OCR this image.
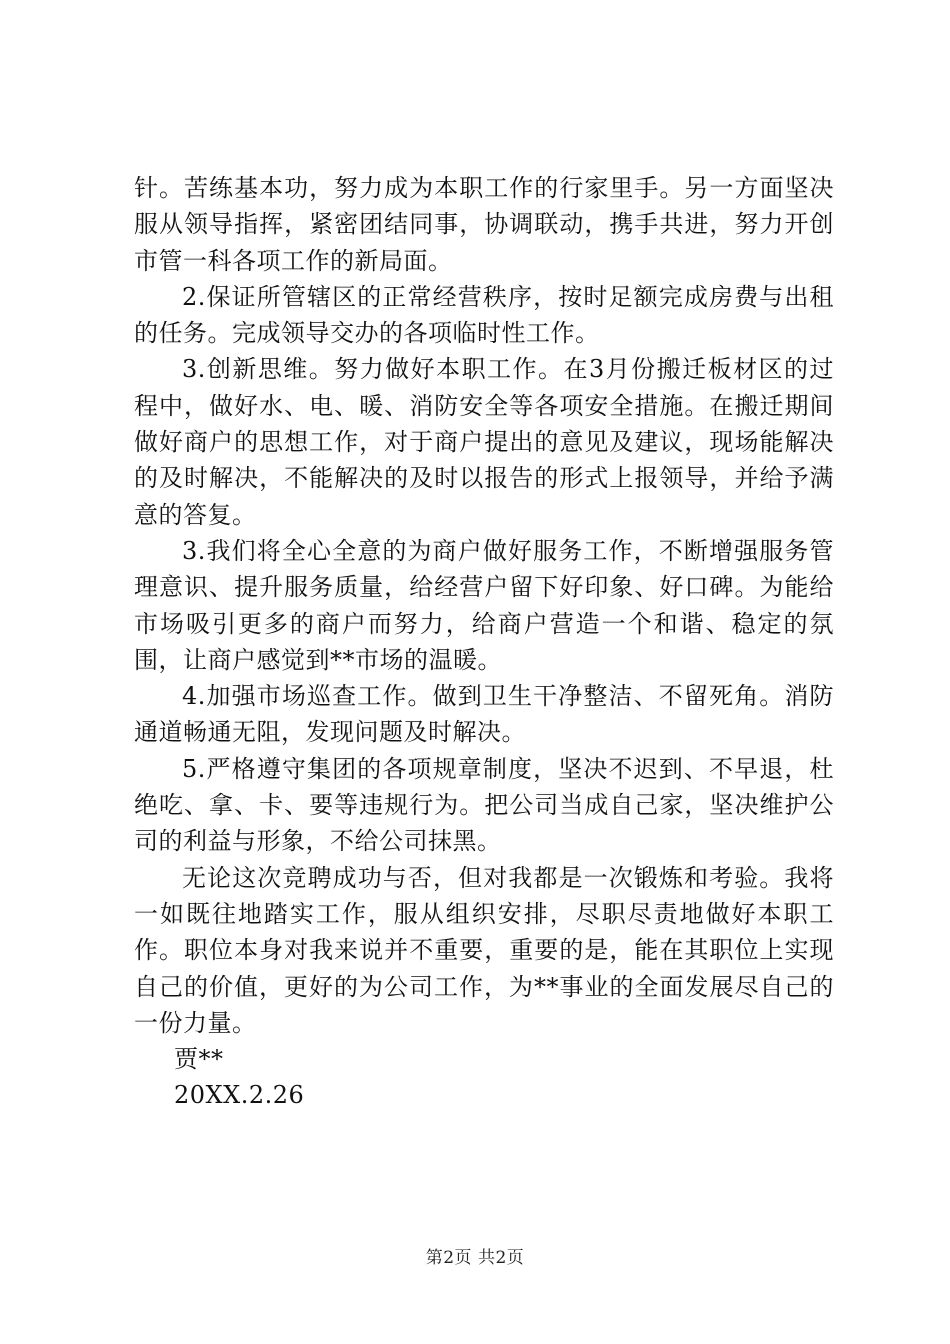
针。苦练基本功，努力成为本职工作的行家里手。另一方面坚决服从领导指挥，紧密团结同事，协调联动，携手共进，努力开创市管一科各项工作的新局面。

2.保证所管辖区的正常经营秩序，按时足额完成房费与出租的任务。完成领导交办的各项临时性工作。

3.创新思维。努力做好本职工作。在3月份搬迁板材区的过程中，做好水、电、暖、消防安全等各项安全措施。在搬迁期间做好商户的思想工作，对于商户提出的意见及建议，现场能解决的及时解决，不能解决的及时以报告的形式上报领导，并给予满意的答复。

3.我们将全心全意的为商户做好服务工作，不断增强服务管理意识、提升服务质量，给经营户留下好印象、好口碑。为能给市场吸引更多的商户而努力，给商户营造一个和谐、稳定的氛围，让商户感觉到**市场的温暖。

4.加强市场巡查工作。做到卫生干净整洁、不留死角。消防通道畅通无阻，发现问题及时解决。

5.严格遵守集团的各项规章制度，坚决不迟到、不早退，杜绝吃、拿、卡、要等违规行为。把公司当成自己家，坚决维护公司的利益与形象，不给公司抹黑。

无论这次竞聘成功与否，但对我都是一次锻炼和考验。我将一如既往地踏实工作，服从组织安排，尽职尽责地做好本职工作。职位本身对我来说并不重要，重要的是，能在其职位上实现自己的价值，更好的为公司工作，为**事业的全面发展尽自己的一份力量。

贾**

20XX.2.26

第2页 共2页
